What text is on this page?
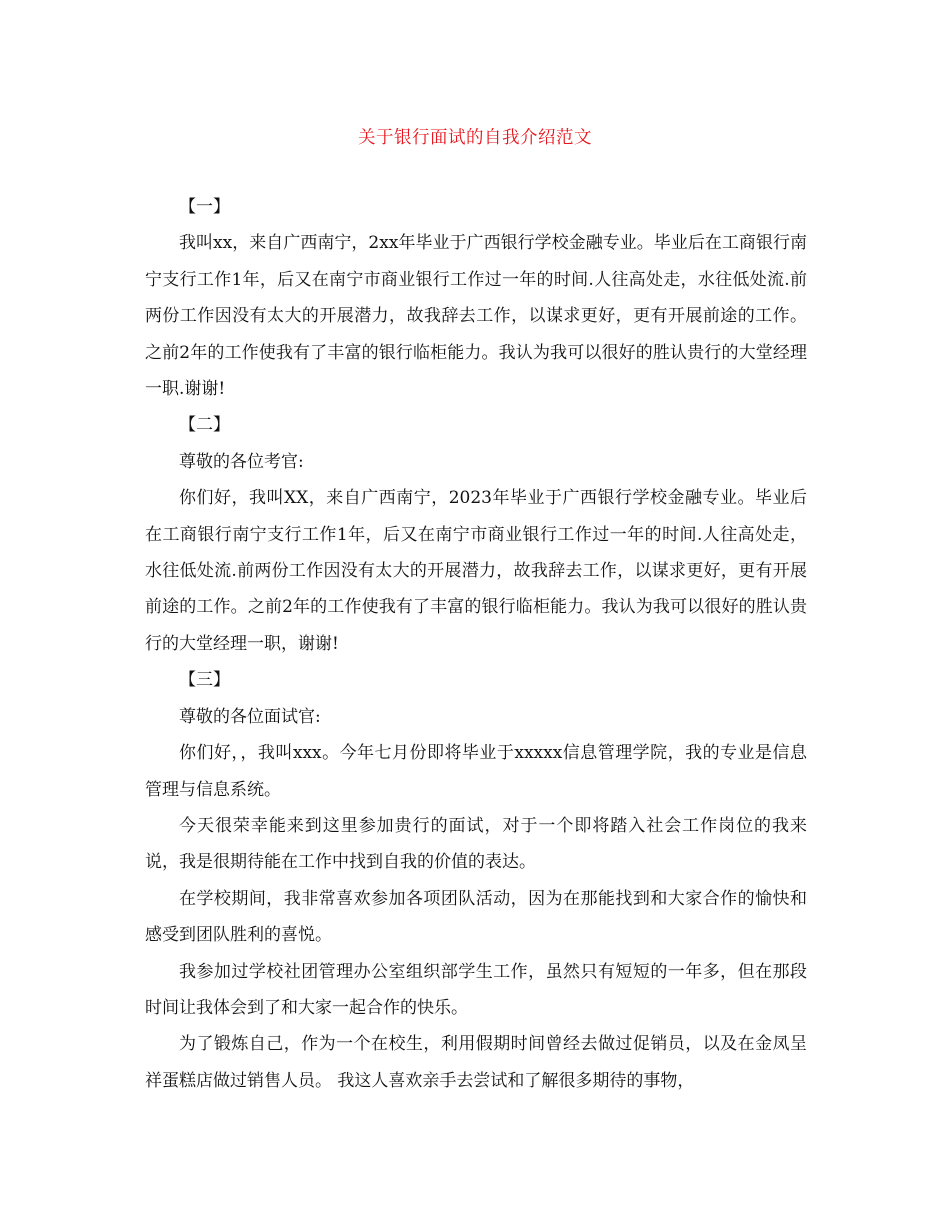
关于银行面试的自我介绍范文

【一】

我叫xx，来自广西南宁，2xx年毕业于广西银行学校金融专业。毕业后在工商银行南宁支行工作1年，后又在南宁市商业银行工作过一年的时间.人往高处走，水往低处流.前两份工作因没有太大的开展潜力，故我辞去工作，以谋求更好，更有开展前途的工作。之前2年的工作使我有了丰富的银行临柜能力。我认为我可以很好的胜认贵行的大堂经理一职.谢谢!

【二】

尊敬的各位考官:

你们好，我叫XX，来自广西南宁，2023年毕业于广西银行学校金融专业。毕业后在工商银行南宁支行工作1年，后又在南宁市商业银行工作过一年的时间.人往高处走，水往低处流.前两份工作因没有太大的开展潜力，故我辞去工作，以谋求更好，更有开展前途的工作。之前2年的工作使我有了丰富的银行临柜能力。我认为我可以很好的胜认贵行的大堂经理一职，谢谢!

【三】

尊敬的各位面试官:

你们好，，我叫xxx。今年七月份即将毕业于xxxxx信息管理学院，我的专业是信息管理与信息系统。

今天很荣幸能来到这里参加贵行的面试，对于一个即将踏入社会工作岗位的我来说，我是很期待能在工作中找到自我的价值的表达。

在学校期间，我非常喜欢参加各项团队活动，因为在那能找到和大家合作的愉快和感受到团队胜利的喜悦。

我参加过学校社团管理办公室组织部学生工作，虽然只有短短的一年多，但在那段时间让我体会到了和大家一起合作的快乐。

为了锻炼自己，作为一个在校生，利用假期时间曾经去做过促销员，以及在金凤呈祥蛋糕店做过销售人员。 我这人喜欢亲手去尝试和了解很多期待的事物，
